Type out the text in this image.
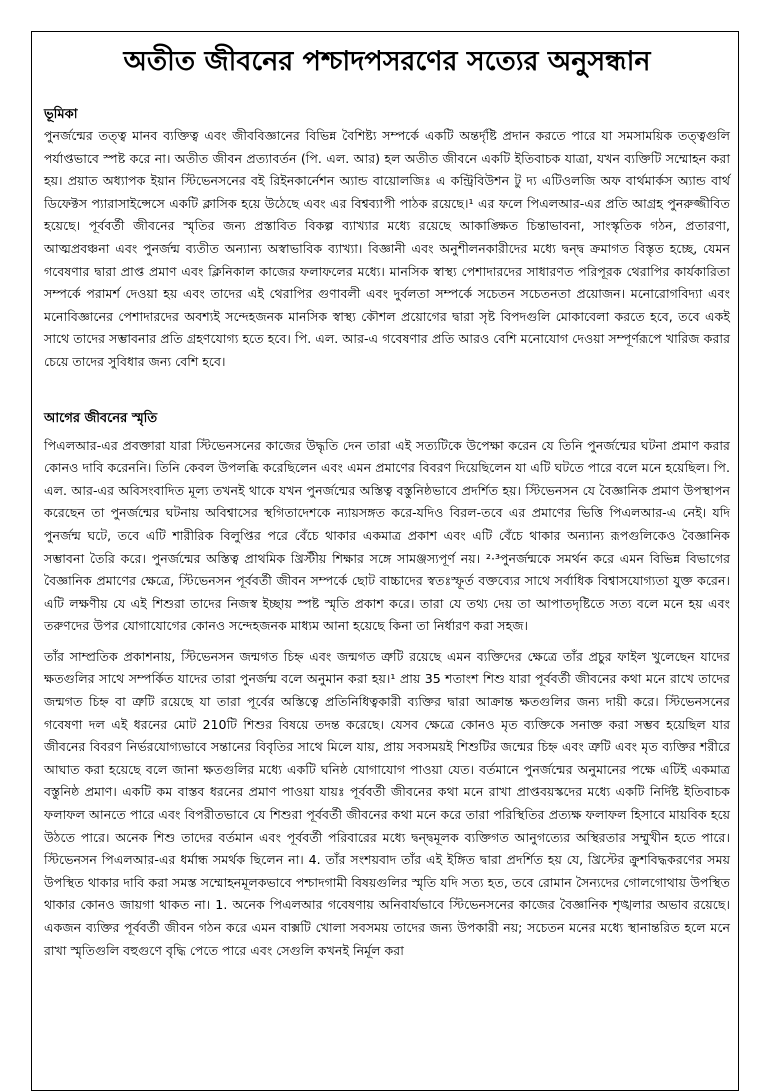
অতীত জীবনের পশ্চাদপসরণের সত্যের অনুসন্ধান
ভূমিকা

পুনর্জন্মের তত্ত্ব মানব ব্যক্তিত্ব এবং জীববিজ্ঞানের বিভিন্ন বৈশিষ্ট্য সম্পর্কে একটি অন্তর্দৃষ্টি প্রদান করতে পারে যা সমসাময়িক তত্ত্বগুলি পর্যাপ্তভাবে স্পষ্ট করে না। অতীত জীবন প্রত্যাবর্তন (পি. এল. আর) হল অতীত জীবনে একটি ইতিবাচক যাত্রা, যখন ব্যক্তিটি সম্মোহন করা হয়। প্রয়াত অধ্যাপক ইয়ান স্টিভেনসনের বই রিইনকার্নেশন অ্যান্ড বায়োলজিঃ এ কন্ট্রিবিউশন টু দ্য এটিওলজি অফ বার্থমার্কস অ্যান্ড বার্থ ডিফেক্টস প্যারাসাইন্সেসে একটি ক্লাসিক হয়ে উঠেছে এবং এর বিশ্বব্যাপী পাঠক রয়েছে।¹ এর ফলে পিএলআর-এর প্রতি আগ্রহ পুনরুজ্জীবিত হয়েছে। পূর্ববর্তী জীবনের স্মৃতির জন্য প্রস্তাবিত বিকল্প ব্যাখ্যার মধ্যে রয়েছে আকাঙ্ক্ষিত চিন্তাভাবনা, সাংস্কৃতিক গঠন, প্রতারণা, আত্মপ্রবঞ্চনা এবং পুনর্জন্ম ব্যতীত অন্যান্য অস্বাভাবিক ব্যাখ্যা। বিজ্ঞানী এবং অনুশীলনকারীদের মধ্যে দ্বন্দ্ব ক্রমাগত বিস্তৃত হচ্ছে, যেমন গবেষণার দ্বারা প্রাপ্ত প্রমাণ এবং ক্লিনিকাল কাজের ফলাফলের মধ্যে। মানসিক স্বাস্থ্য পেশাদারদের সাধারণত পরিপূরক থেরাপির কার্যকারিতা সম্পর্কে পরামর্শ দেওয়া হয় এবং তাদের এই থেরাপির গুণাবলী এবং দুর্বলতা সম্পর্কে সচেতন সচেতনতা প্রয়োজন। মনোরোগবিদ্যা এবং মনোবিজ্ঞানের পেশাদারদের অবশ্যই সন্দেহজনক মানসিক স্বাস্থ্য কৌশল প্রয়োগের দ্বারা সৃষ্ট বিপদগুলি মোকাবেলা করতে হবে, তবে একই সাথে তাদের সম্ভাবনার প্রতি গ্রহণযোগ্য হতে হবে। পি. এল. আর-এ গবেষণার প্রতি আরও বেশি মনোযোগ দেওয়া সম্পূর্ণরূপে খারিজ করার চেয়ে তাদের সুবিধার জন্য বেশি হবে।

আগের জীবনের স্মৃতি

পিএলআর-এর প্রবক্তারা যারা স্টিভেনসনের কাজের উদ্ধৃতি দেন তারা এই সত্যটিকে উপেক্ষা করেন যে তিনি পুনর্জন্মের ঘটনা প্রমাণ করার কোনও দাবি করেননি। তিনি কেবল উপলব্ধি করেছিলেন এবং এমন প্রমাণের বিবরণ দিয়েছিলেন যা এটি ঘটতে পারে বলে মনে হয়েছিল। পি. এল. আর-এর অবিসংবাদিত মূল্য তখনই থাকে যখন পুনর্জন্মের অস্তিত্ব বস্তুনিষ্ঠভাবে প্রদর্শিত হয়। স্টিভেনসন যে বৈজ্ঞানিক প্রমাণ উপস্থাপন করেছেন তা পুনর্জন্মের ঘটনায় অবিশ্বাসের স্থগিতাদেশকে ন্যায়সঙ্গত করে-যদিও বিরল-তবে এর প্রমাণের ভিত্তি পিএলআর-এ নেই। যদি পুনর্জন্ম ঘটে, তবে এটি শারীরিক বিলুপ্তির পরে বেঁচে থাকার একমাত্র প্রকাশ এবং এটি বেঁচে থাকার অন্যান্য রূপগুলিকেও বৈজ্ঞানিক সম্ভাবনা তৈরি করে। পুনর্জন্মের অস্তিত্ব প্রাথমিক খ্রিস্টীয় শিক্ষার সঙ্গে সামঞ্জস্যপূর্ণ নয়। ²·³পুনর্জন্মকে সমর্থন করে এমন বিভিন্ন বিভাগের বৈজ্ঞানিক প্রমাণের ক্ষেত্রে, স্টিভেনসন পূর্ববর্তী জীবন সম্পর্কে ছোট বাচ্চাদের স্বতঃস্ফূর্ত বক্তব্যের সাথে সর্বাধিক বিশ্বাসযোগ্যতা যুক্ত করেন। এটি লক্ষণীয় যে এই শিশুরা তাদের নিজস্ব ইচ্ছায় স্পষ্ট স্মৃতি প্রকাশ করে। তারা যে তথ্য দেয় তা আপাতদৃষ্টিতে সত্য বলে মনে হয় এবং তরুণদের উপর যোগাযোগের কোনও সন্দেহজনক মাধ্যম আনা হয়েছে কিনা তা নির্ধারণ করা সহজ।

তাঁর সাম্প্রতিক প্রকাশনায়, স্টিভেনসন জন্মগত চিহ্ন এবং জন্মগত ত্রুটি রয়েছে এমন ব্যক্তিদের ক্ষেত্রে তাঁর প্রচুর ফাইল খুলেছেন যাদের ক্ষতগুলির সাথে সম্পর্কিত যাদের তারা পুনর্জন্ম বলে অনুমান করা হয়।¹ প্রায় 35 শতাংশ শিশু যারা পূর্ববর্তী জীবনের কথা মনে রাখে তাদের জন্মগত চিহ্ন বা ত্রুটি রয়েছে যা তারা পূর্বের অস্তিত্বে প্রতিনিধিত্বকারী ব্যক্তির দ্বারা আক্রান্ত ক্ষতগুলির জন্য দায়ী করে। স্টিভেনসনের গবেষণা দল এই ধরনের মোট 210টি শিশুর বিষয়ে তদন্ত করেছে। যেসব ক্ষেত্রে কোনও মৃত ব্যক্তিকে সনাক্ত করা সম্ভব হয়েছিল যার জীবনের বিবরণ নির্ভরযোগ্যভাবে সন্তানের বিবৃতির সাথে মিলে যায়, প্রায় সবসময়ই শিশুটির জন্মের চিহ্ন এবং ত্রুটি এবং মৃত ব্যক্তির শরীরে আঘাত করা হয়েছে বলে জানা ক্ষতগুলির মধ্যে একটি ঘনিষ্ঠ যোগাযোগ পাওয়া যেত। বর্তমানে পুনর্জন্মের অনুমানের পক্ষে এটিই একমাত্র বস্তুনিষ্ঠ প্রমাণ। একটি কম বাস্তব ধরনের প্রমাণ পাওয়া যায়ঃ পূর্ববর্তী জীবনের কথা মনে রাখা প্রাপ্তবয়স্কদের মধ্যে একটি নির্দিষ্ট ইতিবাচক ফলাফল আনতে পারে এবং বিপরীতভাবে যে শিশুরা পূর্ববর্তী জীবনের কথা মনে করে তারা পরিস্থিতির প্রত্যক্ষ ফলাফল হিসাবে মায়বিক হয়ে উঠতে পারে। অনেক শিশু তাদের বর্তমান এবং পূর্ববর্তী পরিবারের মধ্যে দ্বন্দ্বমূলক ব্যক্তিগত আনুগত্যের অস্থিরতার সম্মুখীন হতে পারে। স্টিভেনসন পিএলআর-এর ধর্মান্ধ সমর্থক ছিলেন না। 4. তাঁর সংশয়বাদ তাঁর এই ইঙ্গিত দ্বারা প্রদর্শিত হয় যে, খ্রিস্টের ক্রুশবিদ্ধকরণের সময় উপস্থিত থাকার দাবি করা সমস্ত সম্মোহনমূলকভাবে পশ্চাদগামী বিষয়গুলির স্মৃতি যদি সত্য হত, তবে রোমান সৈন্যদের গোলগোথায় উপস্থিত থাকার কোনও জায়গা থাকত না। 1. অনেক পিএলআর গবেষণায় অনিবার্যভাবে স্টিভেনসনের কাজের বৈজ্ঞানিক শৃঙ্খলার অভাব রয়েছে। একজন ব্যক্তির পূর্ববর্তী জীবন গঠন করে এমন বাক্সটি খোলা সবসময় তাদের জন্য উপকারী নয়; সচেতন মনের মধ্যে স্থানান্তরিত হলে মনে রাখা স্মৃতিগুলি বহুগুণে বৃদ্ধি পেতে পারে এবং সেগুলি কখনই নির্মূল করা
